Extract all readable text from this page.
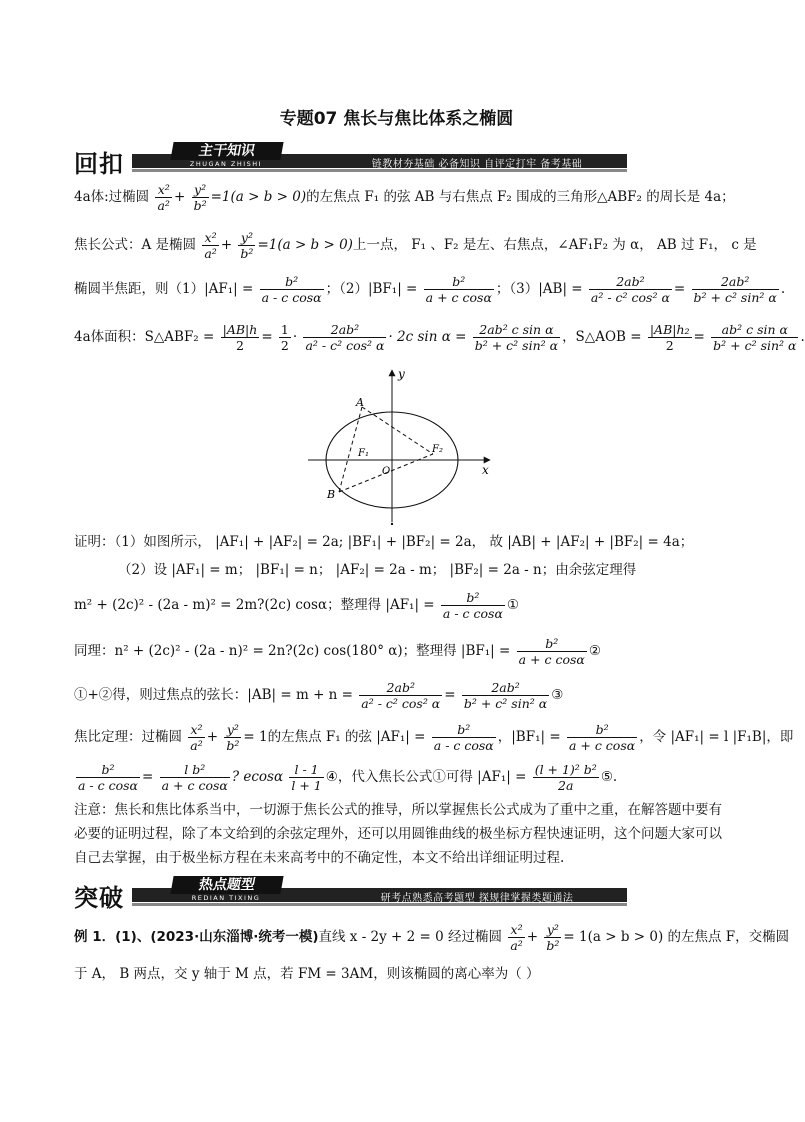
专题07 焦长与焦比体系之椭圆
回扣	主干知识
ZHUGAN ZHISHI	链教材夯基础 必备知识 自评定打牢 备考基础
4a体:过椭圆 $\frac{\text{x²}}{\text{a²}} + \frac{\text{y²}}{\text{b²}} =1(a > b > 0)$的左焦点 F₁ 的弦 AB 与右焦点 F₂ 围成的三角形△ABF₂ 的周长是 4a；
焦长公式：A 是椭圆 $\frac{\text{x²}}{\text{a²}} + \frac{\text{y²}}{\text{b²}} =1(a > b > 0)$上一点， F₁ 、F₂ 是左、右焦点，∠AF₁F₂ 为 α， AB 过 F₁， c 是
椭圆半焦距，则$(1)|AF_1| = \frac{\text{b²}}{\text{a - c cosα}}$ ；$(2)|BF_1| = \frac{\text{b²}}{\text{a + c cosα}}$ ；$(3)|AB| = \frac{\text{2ab²}}{\text{a² - c² cos² α}} = \frac{\text{2ab²}}{\text{b² + c² sin² α}}$ .
4a体面积：S△ABF₂ = $\frac{|AB|h}{2} = \frac{1}{2} \cdot \frac{\text{2ab²}}{\text{a² - c² cos² α}} \cdot 2c$ $\sin \alpha = \frac{\text{2ab² c sin α}}{\text{b² + c² sin² α}}$ ，S△AOB = $\frac{\text{|AB|h₂}}{2} = \frac{\text{ab² c sin α}}{\text{b² + c² sin² α}}$ .
y
x
A
B
F₁	F₂
O
证明：（1）如图所示， |AF₁| + |AF₂| = 2a; |BF₁| + |BF₂| = 2a， 故 |AB| + |AF₂| + |BF₂| = 4a；
（2）设 |AF₁| = m； |BF₁| = n； |AF₂| = 2a - m； |BF₂| = 2a - n；由余弦定理得
m² + (2c)² - (2a - m)² = 2m?(2c) cosα；整理得 $|AF_1| = \frac{\text{b²}}{\text{a - c cosα}}$ ①
同理：n² + (2c)² - (2a - n)² = 2n?(2c) cos(180° α)；整理得 $|BF_1| = \frac{\text{b²}}{\text{a + c cosα}}$ ②
①+②得，则过焦点的弦长：$|AB| = m + n = \frac{\text{2ab²}}{\text{a² - c² cos² α}} = \frac{\text{2ab²}}{\text{b² + c² sin² α}}$ ③
焦比定理：过椭圆 $\frac{\text{x²}}{\text{a²}} + \frac{\text{y²}}{\text{b²}} = 1$的左焦点 F₁ 的弦 $|AF_1| = \frac{\text{b²}}{\text{a - c cosα}}$ ，$|BF_1| = \frac{\text{b²}}{\text{a + c cosα}}$ ，令 |AF₁| = l |F₁B|，即
$\frac{\text{b²}}{\text{a - c cosα}} = \frac{\text{l b²}}{\text{a + c cosα}}$ ? ecosα $\frac{l - 1}{l + 1}$ ④，代入焦长公式①可得 $|AF_1| = \frac{\text{(l + 1)² b²}}{2a}$ ⑤.
注意：焦长和焦比体系当中，一切源于焦长公式的推导，所以掌握焦长公式成为了重中之重，在解答题中要有必要的证明过程，除了本文给到的余弦定理外，还可以用圆锥曲线的极坐标方程快速证明，这个问题大家可以自己去掌握，由于极坐标方程在未来高考中的不确定性，本文不给出详细证明过程.
突破	热点题型
REDIAN TIXING	研考点熟悉高考题型 探规律掌握类题通法
例 1．(1)、(2023·山东淄博·统考一模)直线 x - 2y + 2 = 0 经过椭圆 $\frac{\text{x²}}{\text{a²}} + \frac{\text{y²}}{\text{b²}} = 1(a > b > 0)$ 的左焦点 F，交椭圆
于 A， B 两点，交 y 轴于 M 点，若 FM = 3AM，则该椭圆的离心率为（ ）
